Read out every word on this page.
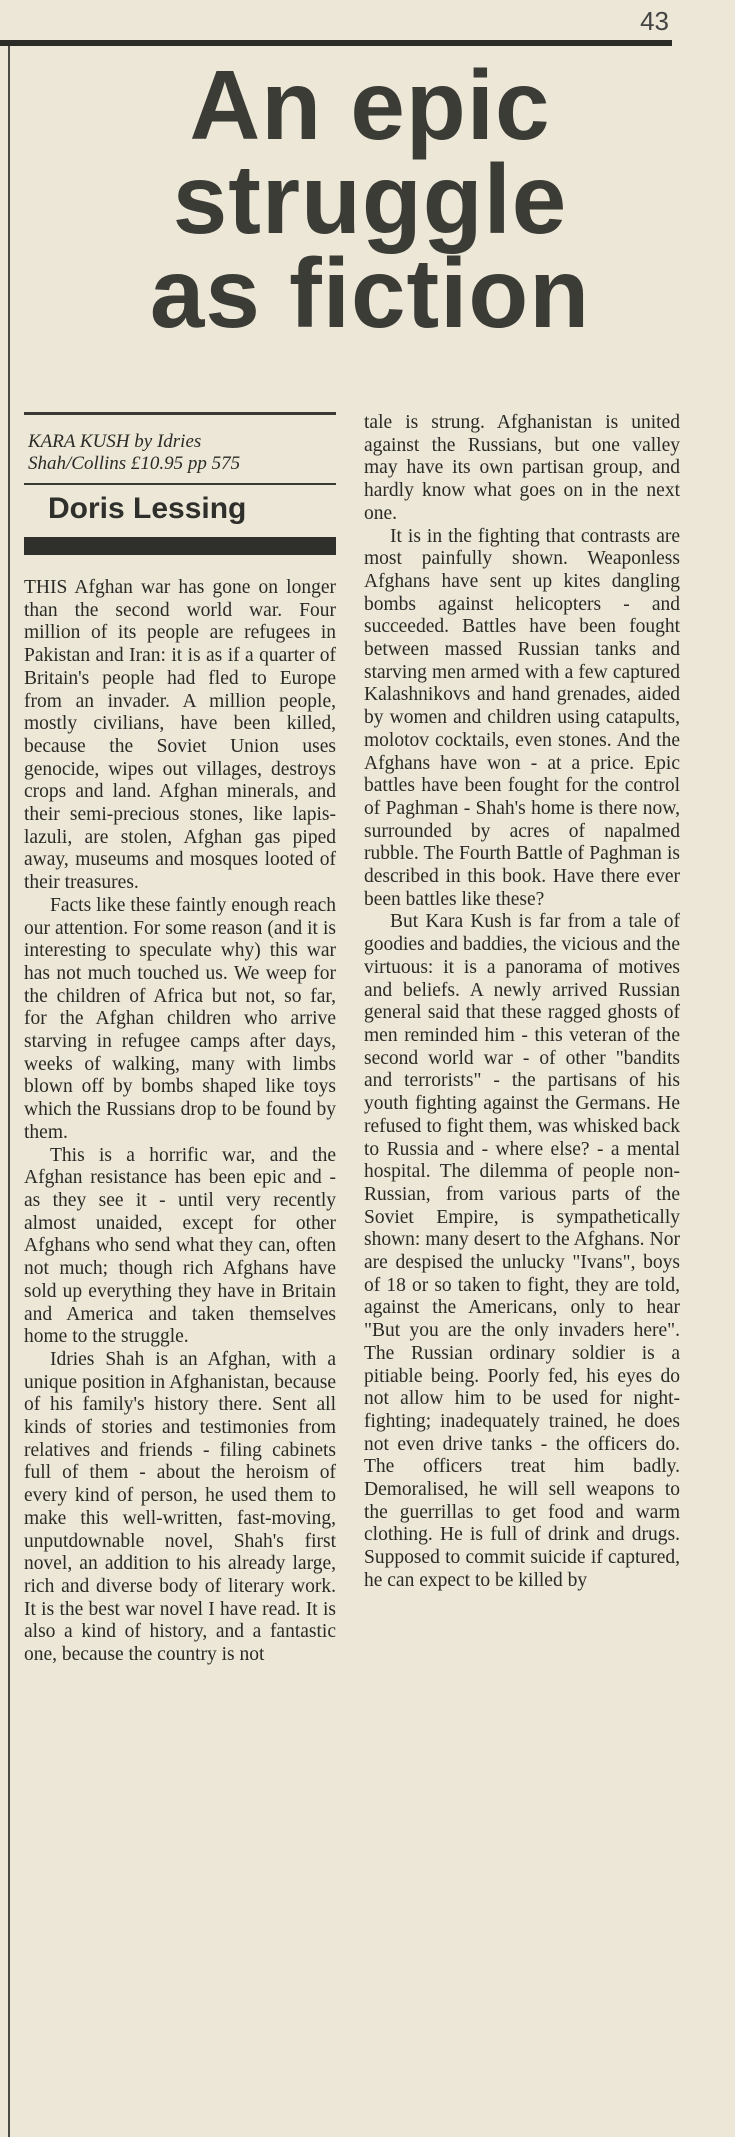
43
An epic
struggle
as fiction
KARA KUSH by Idries
Shah/Collins £10.95 pp 575
Doris Lessing

THIS Afghan war has gone on longer than the second world war. Four million of its people are refugees in Pakistan and Iran: it is as if a quarter of Britain's people had fled to Europe from an invader. A million people, mostly civilians, have been killed, because the Soviet Union uses genocide, wipes out villages, destroys crops and land. Afghan minerals, and their semi-precious stones, like lapis-lazuli, are stolen, Afghan gas piped away, museums and mosques looted of their treasures.

Facts like these faintly enough reach our attention. For some reason (and it is interesting to speculate why) this war has not much touched us. We weep for the children of Africa but not, so far, for the Afghan children who arrive starving in refugee camps after days, weeks of walking, many with limbs blown off by bombs shaped like toys which the Russians drop to be found by them.

This is a horrific war, and the Afghan resistance has been epic and - as they see it - until very recently almost unaided, except for other Afghans who send what they can, often not much; though rich Afghans have sold up everything they have in Britain and America and taken themselves home to the struggle.

Idries Shah is an Afghan, with a unique position in Afghanistan, because of his family's history there. Sent all kinds of stories and testimonies from relatives and friends - filing cabinets full of them - about the heroism of every kind of person, he used them to make this well-written, fast-moving, unputdownable novel, Shah's first novel, an addition to his already large, rich and diverse body of literary work. It is the best war novel I have read. It is also a kind of history, and a fantastic one, because the country is not

tale is strung. Afghanistan is united against the Russians, but one valley may have its own partisan group, and hardly know what goes on in the next one.

It is in the fighting that contrasts are most painfully shown. Weaponless Afghans have sent up kites dangling bombs against helicopters - and succeeded. Battles have been fought between massed Russian tanks and starving men armed with a few captured Kalashnikovs and hand grenades, aided by women and children using catapults, molotov cocktails, even stones. And the Afghans have won - at a price. Epic battles have been fought for the control of Paghman - Shah's home is there now, surrounded by acres of napalmed rubble. The Fourth Battle of Paghman is described in this book. Have there ever been battles like these?

But Kara Kush is far from a tale of goodies and baddies, the vicious and the virtuous: it is a panorama of motives and beliefs. A newly arrived Russian general said that these ragged ghosts of men reminded him - this veteran of the second world war - of other "bandits and terrorists" - the partisans of his youth fighting against the Germans. He refused to fight them, was whisked back to Russia and - where else? - a mental hospital. The dilemma of people non-Russian, from various parts of the Soviet Empire, is sympathetically shown: many desert to the Afghans. Nor are despised the unlucky "Ivans", boys of 18 or so taken to fight, they are told, against the Americans, only to hear "But you are the only invaders here". The Russian ordinary soldier is a pitiable being. Poorly fed, his eyes do not allow him to be used for night-fighting; inadequately trained, he does not even drive tanks - the officers do. The officers treat him badly. Demoralised, he will sell weapons to the guerrillas to get food and warm clothing. He is full of drink and drugs. Supposed to commit suicide if captured, he can expect to be killed by
